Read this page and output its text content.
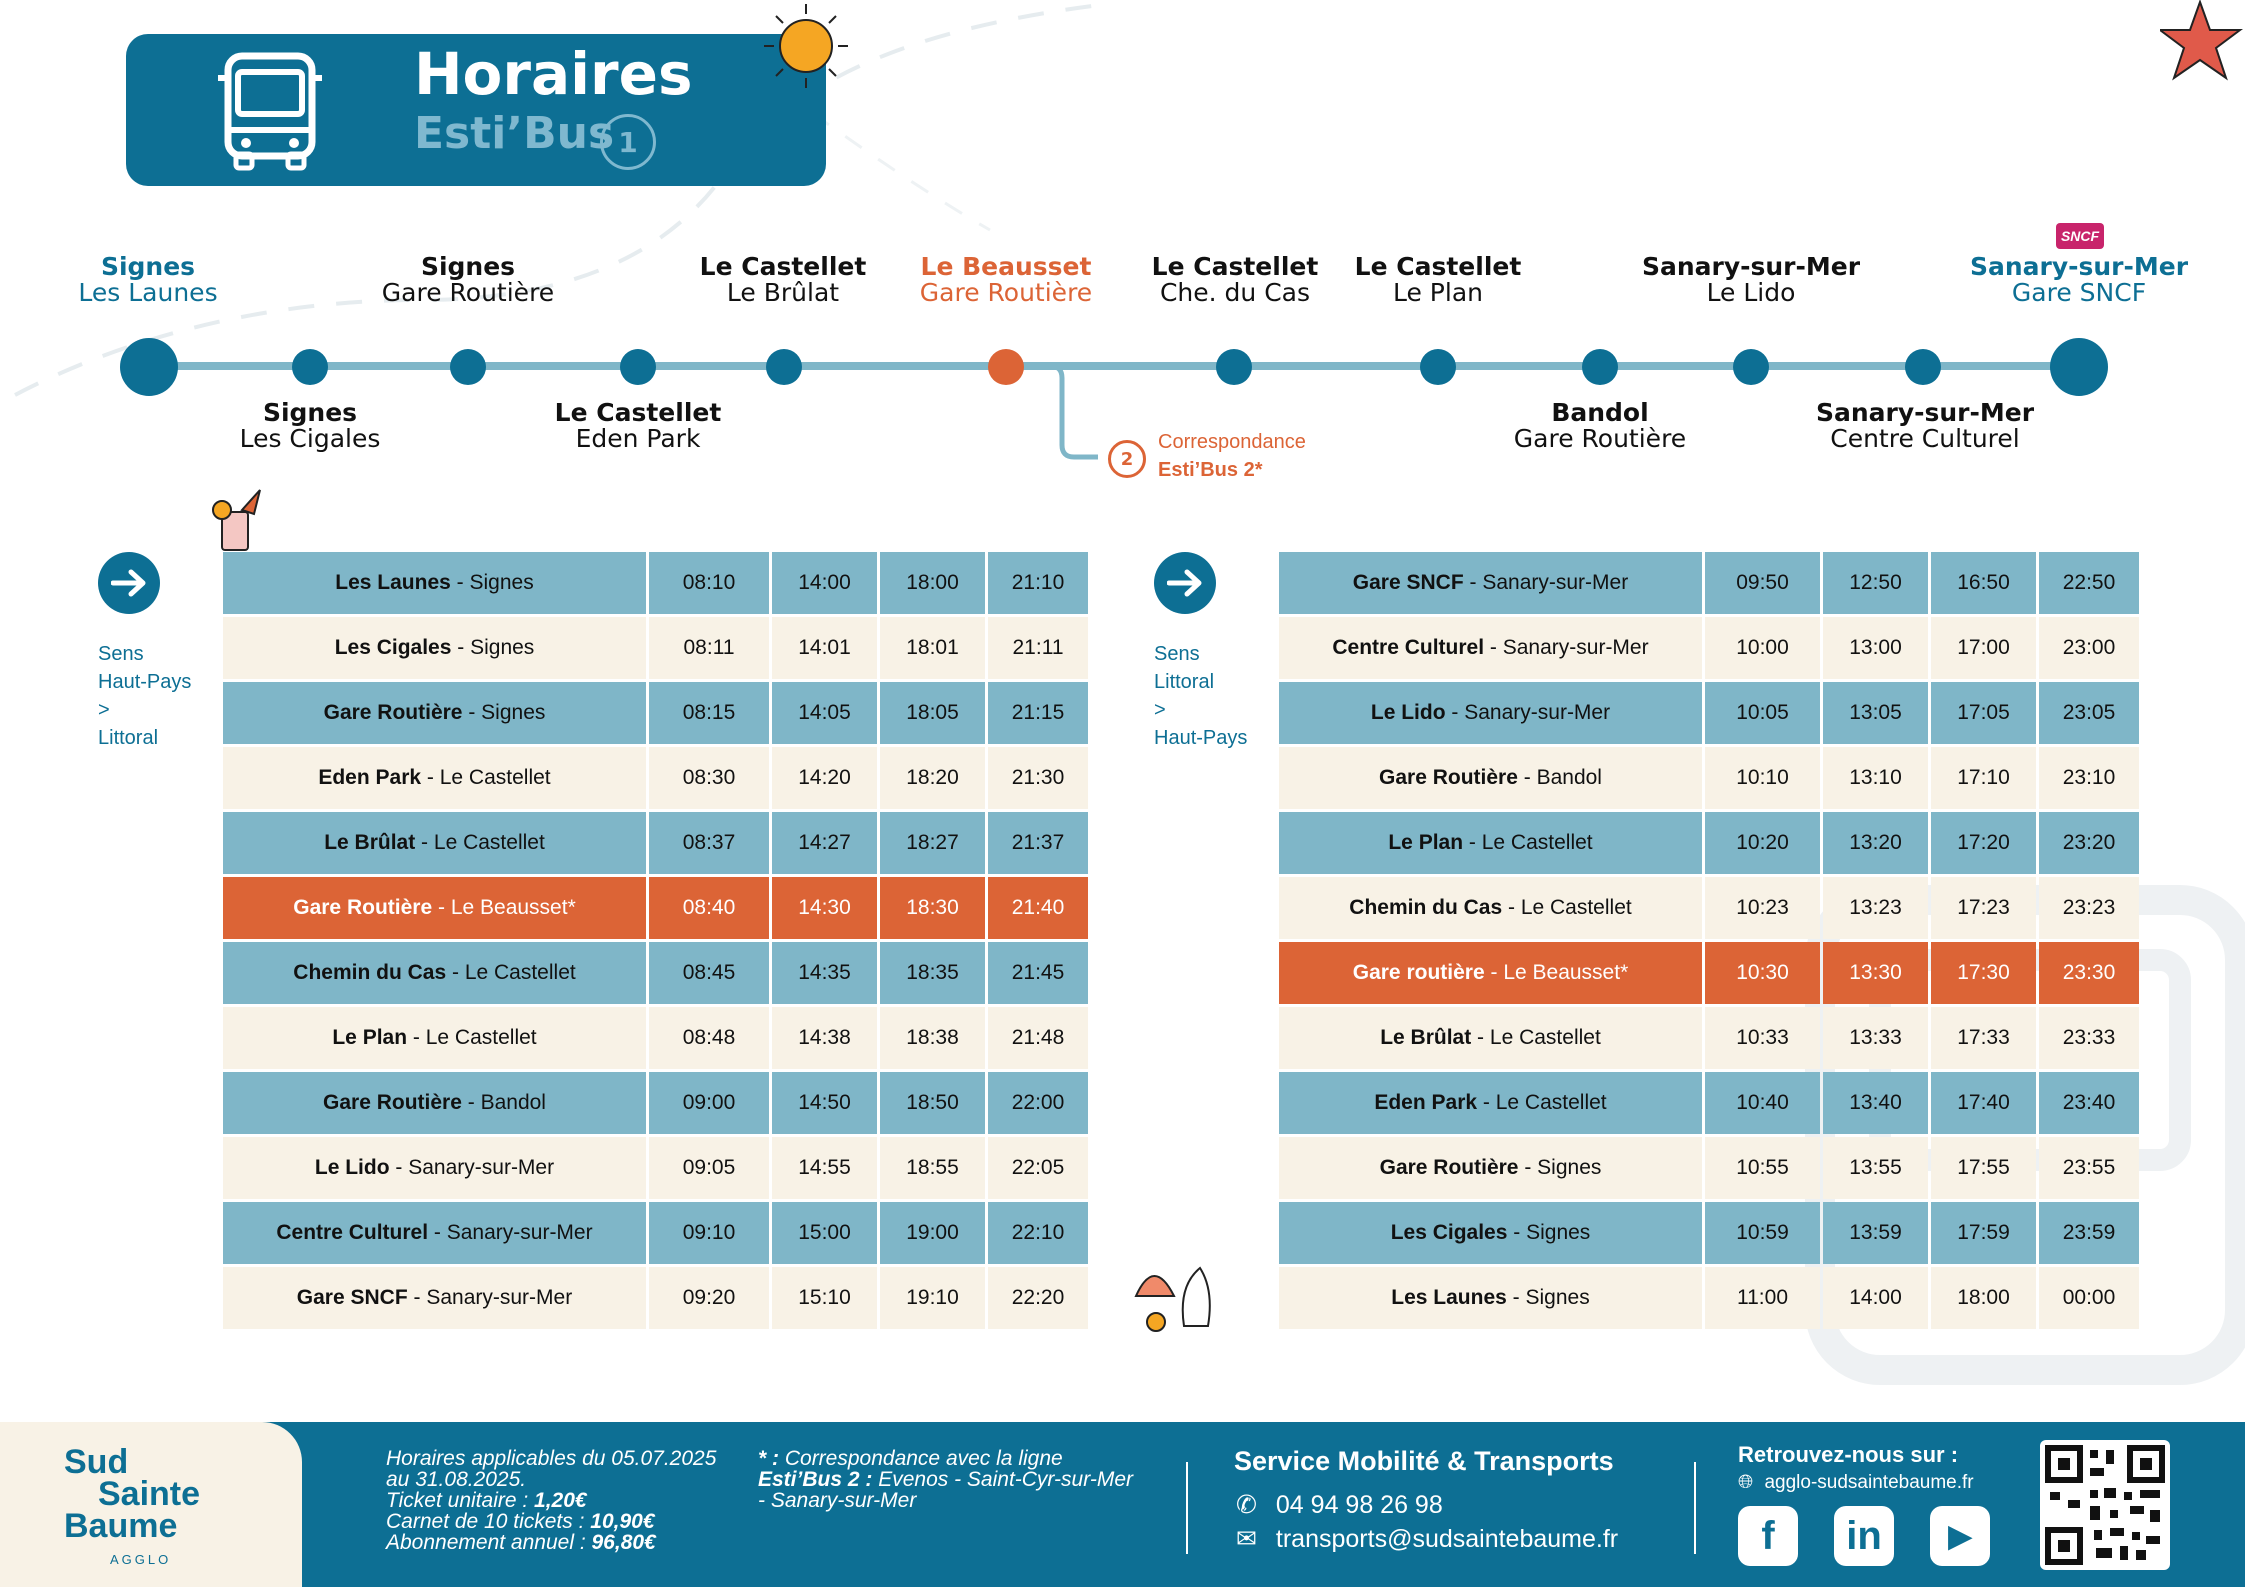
Horaires
Esti’Bus 1
Signes
Les Launes
Signes
Gare Routière
Le Castellet
Le Brûlat
Le Beausset
Gare Routière
Le Castellet
Che. du Cas
Le Castellet
Le Plan
Sanary-sur-Mer
Le Lido
Sanary-sur-Mer
Gare SNCF
SNCF
Signes
Les Cigales
Le Castellet
Eden Park
Bandol
Gare Routière
Sanary-sur-Mer
Centre Culturel
2
Correspondance
Esti’Bus 2*
Sens
Haut-Pays
>
Littoral
Les Launes - Signes	08:10	14:00	18:00	21:10
Les Cigales - Signes	08:11	14:01	18:01	21:11
Gare Routière - Signes	08:15	14:05	18:05	21:15
Eden Park - Le Castellet	08:30	14:20	18:20	21:30
Le Brûlat - Le Castellet	08:37	14:27	18:27	21:37
Gare Routière - Le Beausset*	08:40	14:30	18:30	21:40
Chemin du Cas - Le Castellet	08:45	14:35	18:35	21:45
Le Plan - Le Castellet	08:48	14:38	18:38	21:48
Gare Routière - Bandol	09:00	14:50	18:50	22:00
Le Lido - Sanary-sur-Mer	09:05	14:55	18:55	22:05
Centre Culturel - Sanary-sur-Mer	09:10	15:00	19:00	22:10
Gare SNCF - Sanary-sur-Mer	09:20	15:10	19:10	22:20
Sens
Littoral
>
Haut-Pays
Gare SNCF - Sanary-sur-Mer	09:50	12:50	16:50	22:50
Centre Culturel - Sanary-sur-Mer	10:00	13:00	17:00	23:00
Le Lido - Sanary-sur-Mer	10:05	13:05	17:05	23:05
Gare Routière - Bandol	10:10	13:10	17:10	23:10
Le Plan - Le Castellet	10:20	13:20	17:20	23:20
Chemin du Cas - Le Castellet	10:23	13:23	17:23	23:23
Gare routière - Le Beausset*	10:30	13:30	17:30	23:30
Le Brûlat - Le Castellet	10:33	13:33	17:33	23:33
Eden Park - Le Castellet	10:40	13:40	17:40	23:40
Gare Routière - Signes	10:55	13:55	17:55	23:55
Les Cigales - Signes	10:59	13:59	17:59	23:59
Les Launes - Signes	11:00	14:00	18:00	00:00
Sud
Sainte
Baume
AGGLO
Horaires applicables du 05.07.2025
au 31.08.2025.
Ticket unitaire : 1,20€
Carnet de 10 tickets : 10,90€
Abonnement annuel : 96,80€
* : Correspondance avec la ligne
Esti’Bus 2 : Evenos - Saint-Cyr-sur-Mer
- Sanary-sur-Mer
Service Mobilité & Transports
✆ 04 94 98 26 98
✉ transports@sudsaintebaume.fr
Retrouvez-nous sur :
🌐︎ agglo-sudsaintebaume.fr
f	in	▶
